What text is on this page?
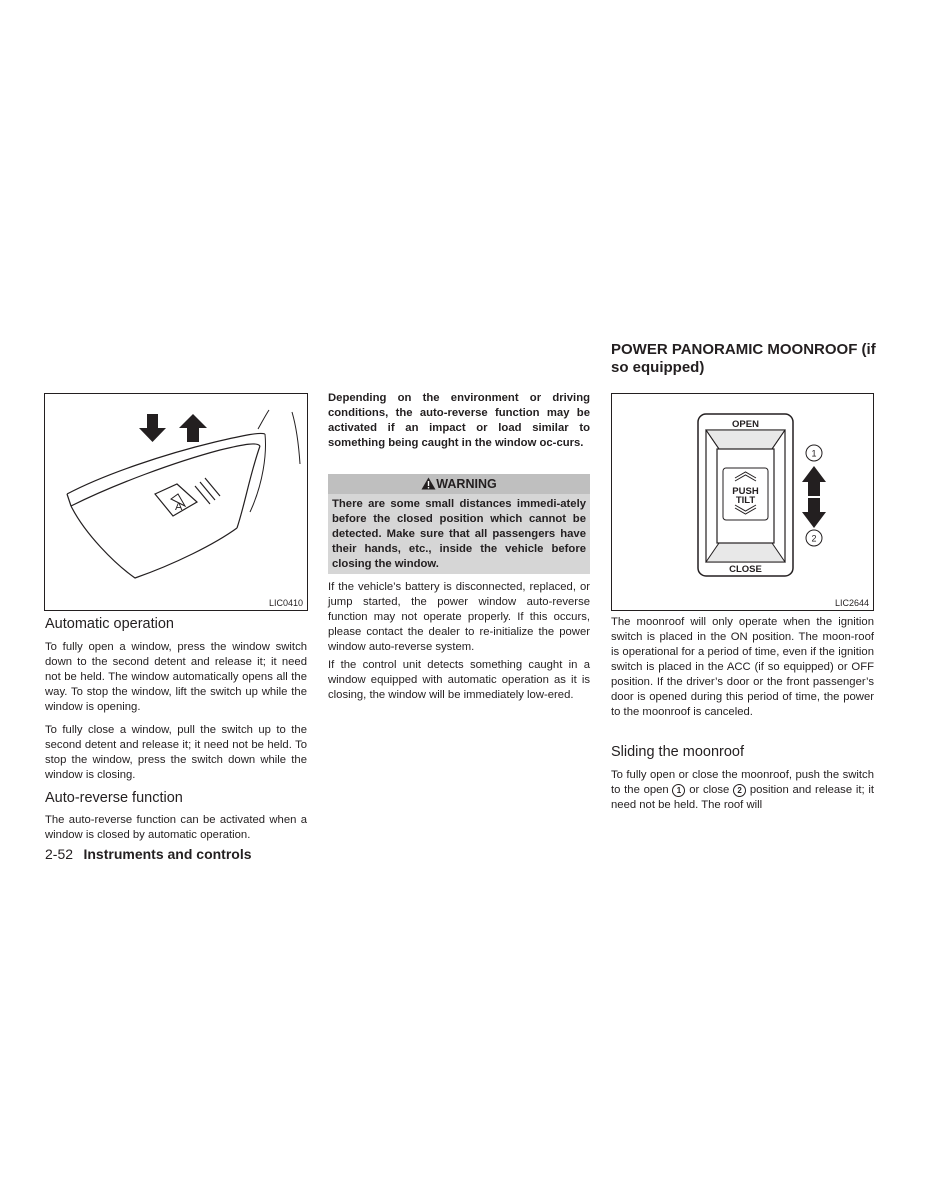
POWER PANORAMIC MOONROOF (if
so equipped)
A
LIC0410
Automatic operation

To fully open a window, press the window switch down to the second detent and release it; it need not be held. The window automatically opens all the way. To stop the window, lift the switch up while the window is opening.

To fully close a window, pull the switch up to the second detent and release it; it need not be held. To stop the window, press the switch down while the window is closing.

Auto-reverse function

The auto-reverse function can be activated when a window is closed by automatic operation.

Depending on the environment or driving conditions, the auto-reverse function may be activated if an impact or load similar to something being caught in the window oc-curs.

WARNING

There are some small distances immedi-ately before the closed position which cannot be detected. Make sure that all passengers have their hands, etc., inside the vehicle before closing the window.

If the vehicle’s battery is disconnected, replaced, or jump started, the power window auto-reverse function may not operate properly. If this occurs, please contact the dealer to re-initialize the power window auto-reverse system.

If the control unit detects something caught in a window equipped with automatic operation as it is closing, the window will be immediately low-ered.

PUSH
TILT
OPEN
CLOSE
1
2
LIC2644

The moonroof will only operate when the ignition switch is placed in the ON position. The moon-roof is operational for a period of time, even if the ignition switch is placed in the ACC (if so equipped) or OFF position. If the driver’s door or the front passenger’s door is opened during this period of time, the power to the moonroof is canceled.

Sliding the moonroof

To fully open or close the moonroof, push the switch to the open 1 or close 2 position and release it; it need not be held. The roof will

2-52 Instruments and controls
